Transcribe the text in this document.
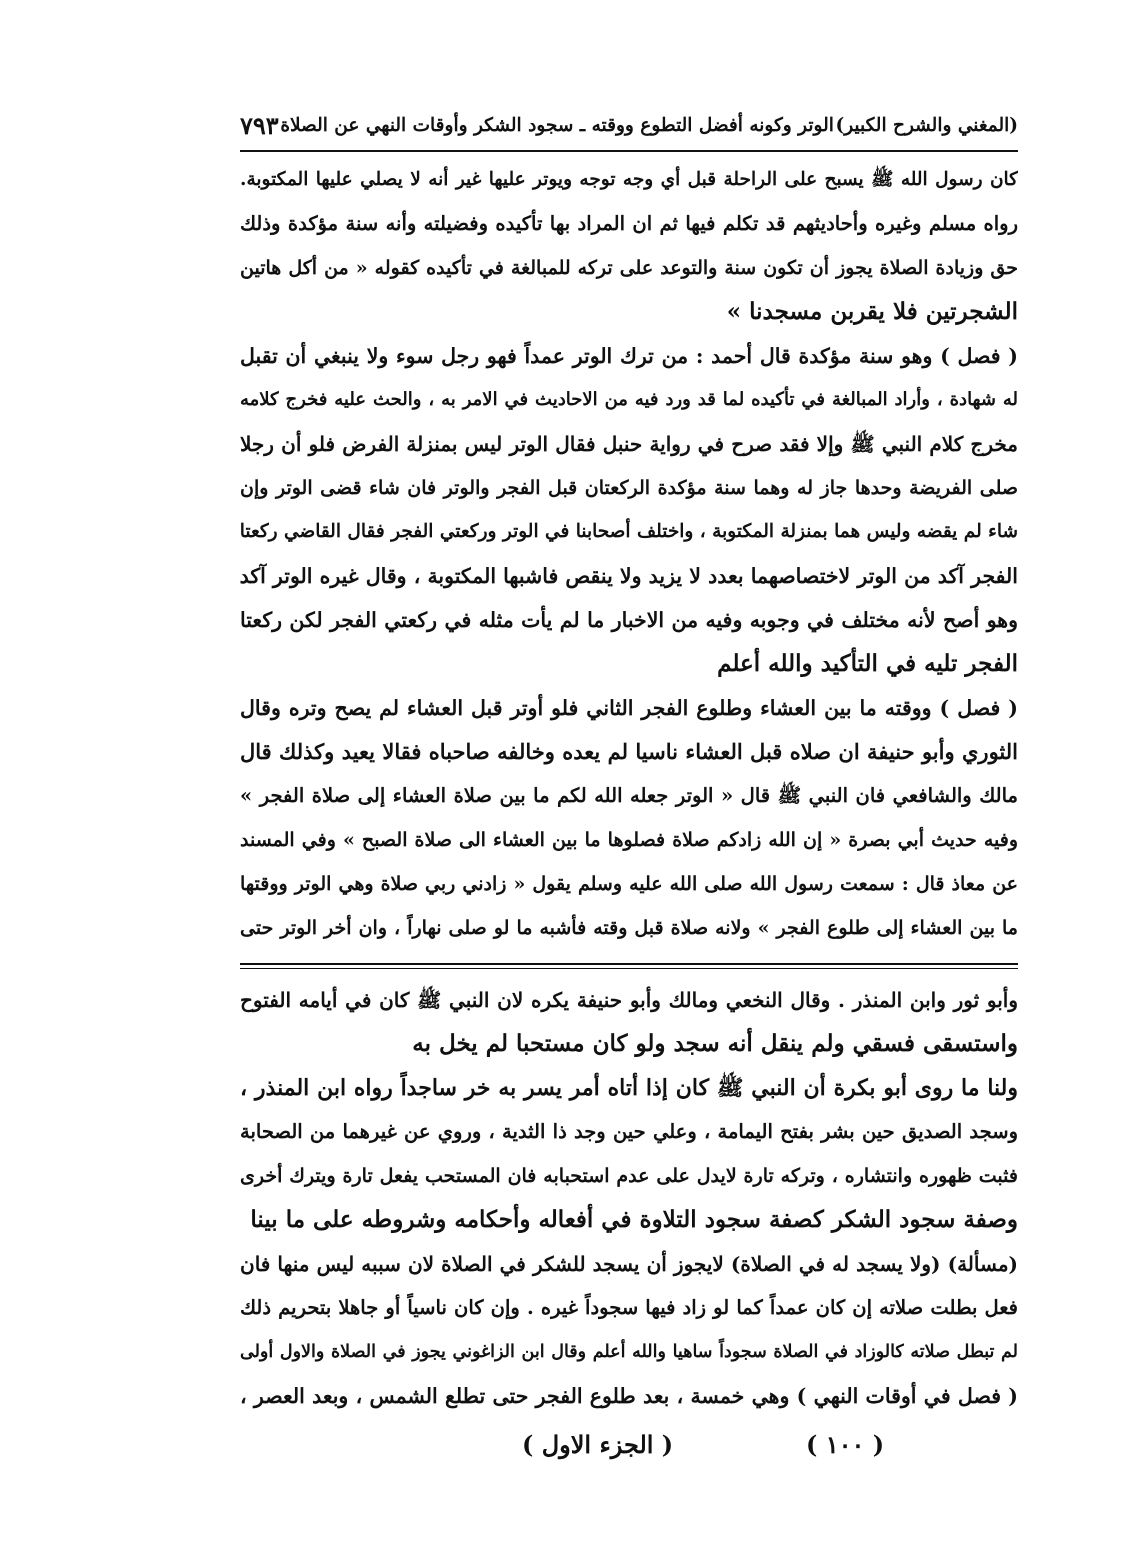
(المغني والشرح الكبير)
الوتر وكونه أفضل التطوع ووقته ـ سجود الشكر وأوقات النهي عن الصلاة
٧٩٣
كان رسول الله ﷺ يسبح على الراحلة قبل أي وجه توجه ويوتر عليها غير أنه لا يصلي عليها المكتوبة.
رواه مسلم وغيره وأحاديثهم قد تكلم فيها ثم ان المراد بها تأكيده وفضيلته وأنه سنة مؤكدة وذلك
حق وزيادة الصلاة يجوز أن تكون سنة والتوعد على تركه للمبالغة في تأكيده كقوله « من أكل هاتين
الشجرتين فلا يقربن مسجدنا »
( فصل ) وهو سنة مؤكدة قال أحمد : من ترك الوتر عمداً فهو رجل سوء ولا ينبغي أن تقبل
له شهادة ، وأراد المبالغة في تأكيده لما قد ورد فيه من الاحاديث في الامر به ، والحث عليه فخرج كلامه
مخرج كلام النبي ﷺ وإلا فقد صرح في رواية حنبل فقال الوتر ليس بمنزلة الفرض فلو أن رجلا
صلى الفريضة وحدها جاز له وهما سنة مؤكدة الركعتان قبل الفجر والوتر فان شاء قضى الوتر وإن
شاء لم يقضه وليس هما بمنزلة المكتوبة ، واختلف أصحابنا في الوتر وركعتي الفجر فقال القاضي ركعتا
الفجر آكد من الوتر لاختصاصهما بعدد لا يزيد ولا ينقص فاشبها المكتوبة ، وقال غيره الوتر آكد
وهو أصح لأنه مختلف في وجوبه وفيه من الاخبار ما لم يأت مثله في ركعتي الفجر لكن ركعتا
الفجر تليه في التأكيد والله أعلم
( فصل ) ووقته ما بين العشاء وطلوع الفجر الثاني فلو أوتر قبل العشاء لم يصح وتره وقال
الثوري وأبو حنيفة ان صلاه قبل العشاء ناسيا لم يعده وخالفه صاحباه فقالا يعيد وكذلك قال
مالك والشافعي فان النبي ﷺ قال « الوتر جعله الله لكم ما بين صلاة العشاء إلى صلاة الفجر »
وفيه حديث أبي بصرة « إن الله زادكم صلاة فصلوها ما بين العشاء الى صلاة الصبح » وفي المسند
عن معاذ قال : سمعت رسول الله صلى الله عليه وسلم يقول « زادني ربي صلاة وهي الوتر ووقتها
ما بين العشاء إلى طلوع الفجر » ولانه صلاة قبل وقته فأشبه ما لو صلى نهاراً ، وان أخر الوتر حتى
وأبو ثور وابن المنذر . وقال النخعي ومالك وأبو حنيفة يكره لان النبي ﷺ كان في أيامه الفتوح
واستسقى فسقي ولم ينقل أنه سجد ولو كان مستحبا لم يخل به
ولنا ما روى أبو بكرة أن النبي ﷺ كان إذا أتاه أمر يسر به خر ساجداً رواه ابن المنذر ،
وسجد الصديق حين بشر بفتح اليمامة ، وعلي حين وجد ذا الثدية ، وروي عن غيرهما من الصحابة
فثبت ظهوره وانتشاره ، وتركه تارة لايدل على عدم استحبابه فان المستحب يفعل تارة ويترك أخرى
وصفة سجود الشكر كصفة سجود التلاوة في أفعاله وأحكامه وشروطه على ما بينا
(مسألة) (ولا يسجد له في الصلاة) لايجوز أن يسجد للشكر في الصلاة لان سببه ليس منها فان
فعل بطلت صلاته إن كان عمداً كما لو زاد فيها سجوداً غيره . وإن كان ناسياً أو جاهلا بتحريم ذلك
لم تبطل صلاته كالوزاد في الصلاة سجوداً ساهيا والله أعلم وقال ابن الزاغوني يجوز في الصلاة والاول أولى
( فصل في أوقات النهي ) وهي خمسة ، بعد طلوع الفجر حتى تطلع الشمس ، وبعد العصر ،
( ١٠٠ )
( الجزء الاول )
